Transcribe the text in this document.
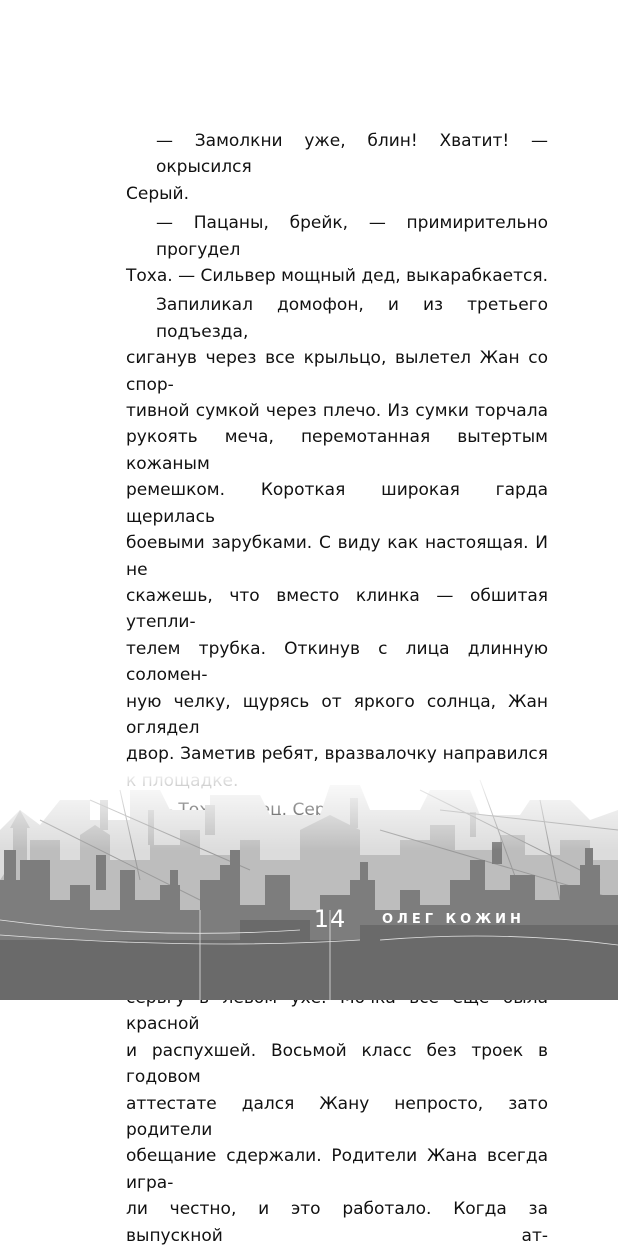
— Замолкни уже, блин! Хватит! — окрысился
Серый.
— Пацаны, брейк, — примирительно прогудел
Тоха. — Сильвер мощный дед, выкарабкается.
Запиликал домофон, и из третьего подъезда,
сиганув через все крыльцо, вылетел Жан со спор-
тивной сумкой через плечо. Из сумки торчала
рукоять меча, перемотанная вытертым кожаным
ремешком. Короткая широкая гарда щерилась
боевыми зарубками. С виду как настоящая. И не
скажешь, что вместо клинка — обшитая утепли-
телем трубка. Откинув с лица длинную соломен-
ную челку, щурясь от яркого солнца, Жан оглядел
двор. Заметив ребят, вразвалочку направился
красной
и распухшей. Восьмой класс без троек в годовом
аттестате дался Жану непросто, зато родители
обещание сдержали. Родители Жана всегда игра-
ли честно, и это работало. Когда за выпускной ат-
14	ОЛЕГ КОЖИН
